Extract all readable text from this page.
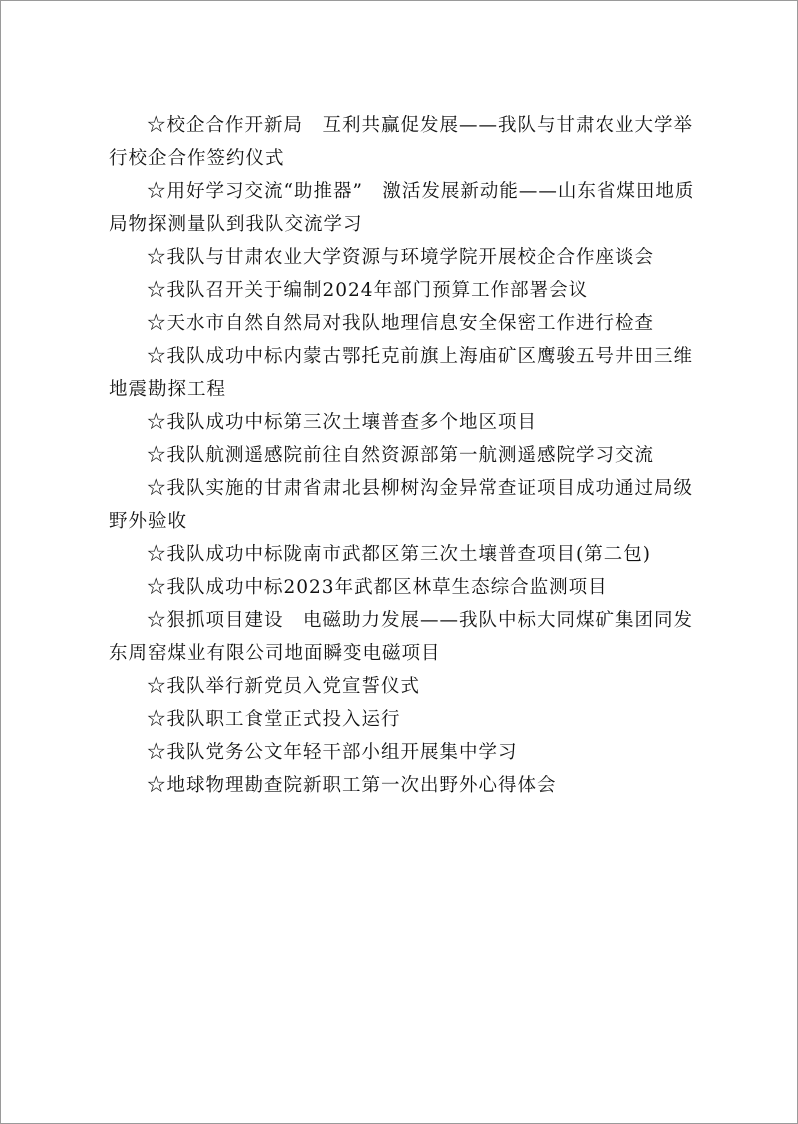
☆校企合作开新局　互利共赢促发展——我队与甘肃农业大学举行校企合作签约仪式
☆用好学习交流“助推器”　激活发展新动能——山东省煤田地质局物探测量队到我队交流学习
☆我队与甘肃农业大学资源与环境学院开展校企合作座谈会
☆我队召开关于编制2024年部门预算工作部署会议
☆天水市自然自然局对我队地理信息安全保密工作进行检查
☆我队成功中标内蒙古鄂托克前旗上海庙矿区鹰骏五号井田三维地震勘探工程
☆我队成功中标第三次土壤普查多个地区项目
☆我队航测遥感院前往自然资源部第一航测遥感院学习交流
☆我队实施的甘肃省肃北县柳树沟金异常查证项目成功通过局级野外验收
☆我队成功中标陇南市武都区第三次土壤普查项目(第二包)
☆我队成功中标2023年武都区林草生态综合监测项目
☆狠抓项目建设　电磁助力发展——我队中标大同煤矿集团同发东周窑煤业有限公司地面瞬变电磁项目
☆我队举行新党员入党宣誓仪式
☆我队职工食堂正式投入运行
☆我队党务公文年轻干部小组开展集中学习
☆地球物理勘查院新职工第一次出野外心得体会
